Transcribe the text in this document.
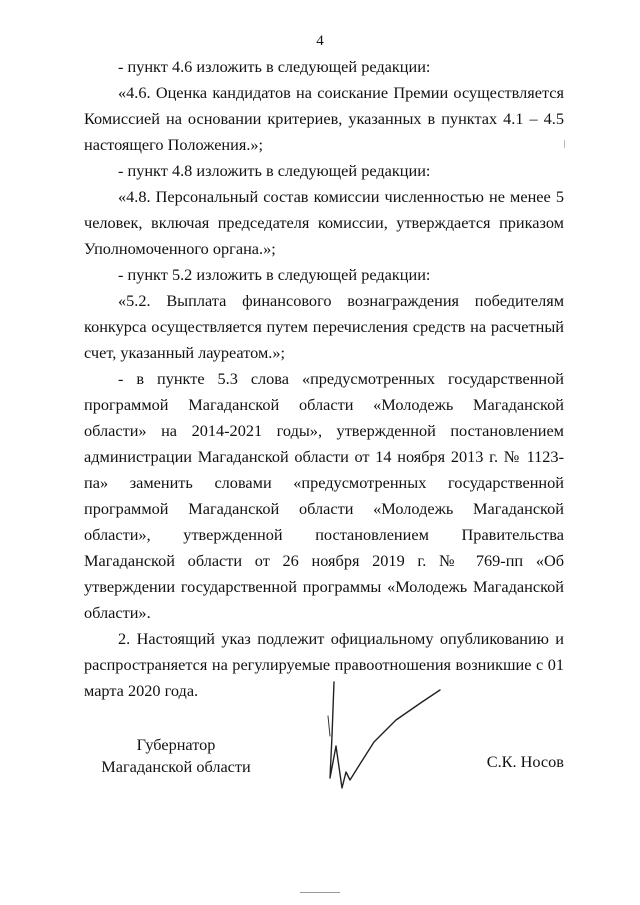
4

- пункт 4.6 изложить в следующей редакции:

«4.6. Оценка кандидатов на соискание Премии осуществляется Комиссией на основании критериев, указанных в пунктах 4.1 – 4.5 настоящего Положения.»;

- пункт 4.8 изложить в следующей редакции:

«4.8. Персональный состав комиссии численностью не менее 5 человек, включая председателя комиссии, утверждается приказом Уполномоченного органа.»;

- пункт 5.2 изложить в следующей редакции:

«5.2. Выплата финансового вознаграждения победителям конкурса осуществляется путем перечисления средств на расчетный счет, указанный лауреатом.»;

- в пункте 5.3 слова «предусмотренных государственной программой Магаданской области «Молодежь Магаданской области» на 2014-2021 годы», утвержденной постановлением администрации Магаданской области от 14 ноября 2013 г. № 1123-па» заменить словами «предусмотренных государственной программой Магаданской области «Молодежь Магаданской области», утвержденной постановлением Правительства Магаданской области от 26 ноября 2019 г. № 769-пп «Об утверждении государственной программы «Молодежь Магаданской области».

2. Настоящий указ подлежит официальному опубликованию и распространяется на регулируемые правоотношения возникшие с 01 марта 2020 года.

Губернатор
Магаданской области	С.К. Носов
